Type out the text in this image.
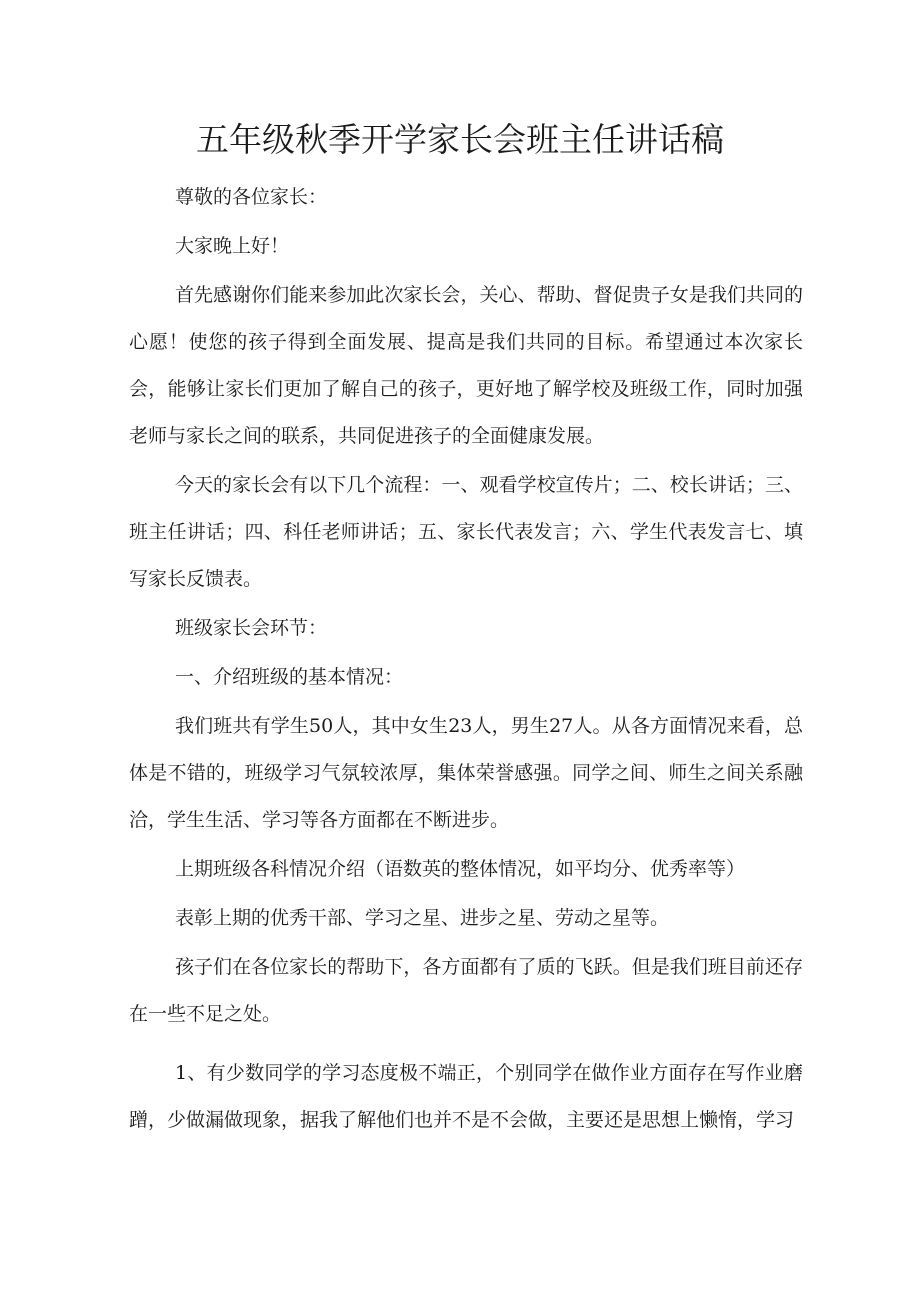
五年级秋季开学家长会班主任讲话稿

尊敬的各位家长：

大家晚上好！

首先感谢你们能来参加此次家长会，关心、帮助、督促贵子女是我们共同的心愿！使您的孩子得到全面发展、提高是我们共同的目标。希望通过本次家长会，能够让家长们更加了解自己的孩子，更好地了解学校及班级工作，同时加强老师与家长之间的联系，共同促进孩子的全面健康发展。

今天的家长会有以下几个流程：一、观看学校宣传片；二、校长讲话；三、班主任讲话；四、科任老师讲话；五、家长代表发言；六、学生代表发言七、填写家长反馈表。

班级家长会环节：

一、介绍班级的基本情况：

我们班共有学生50人，其中女生23人，男生27人。从各方面情况来看，总体是不错的，班级学习气氛较浓厚，集体荣誉感强。同学之间、师生之间关系融洽，学生生活、学习等各方面都在不断进步。

上期班级各科情况介绍（语数英的整体情况，如平均分、优秀率等）

表彰上期的优秀干部、学习之星、进步之星、劳动之星等。

孩子们在各位家长的帮助下，各方面都有了质的飞跃。但是我们班目前还存在一些不足之处。

1、有少数同学的学习态度极不端正，个别同学在做作业方面存在写作业磨蹭，少做漏做现象，据我了解他们也并不是不会做，主要还是思想上懒惰，学习
